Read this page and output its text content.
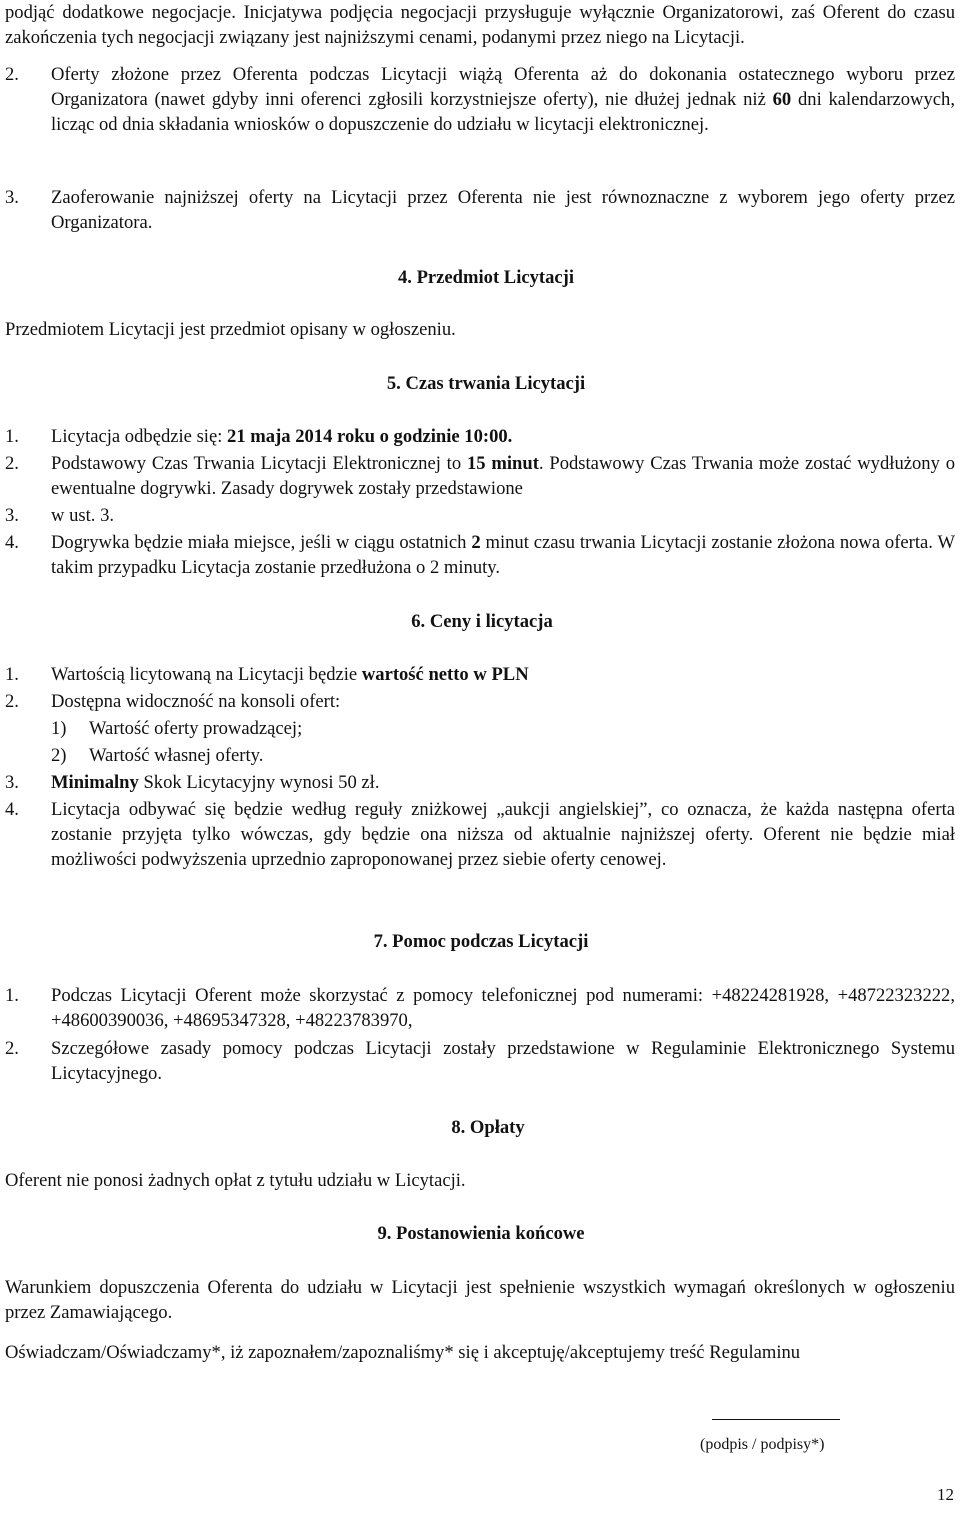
podjąć dodatkowe negocjacje. Inicjatywa podjęcia negocjacji przysługuje wyłącznie Organizatorowi, zaś Oferent do czasu zakończenia tych negocjacji związany jest najniższymi cenami, podanymi przez niego na Licytacji.

2.	Oferty złożone przez Oferenta podczas Licytacji wiążą Oferenta aż do dokonania ostatecznego wyboru przez Organizatora (nawet gdyby inni oferenci zgłosili korzystniejsze oferty), nie dłużej jednak niż 60 dni kalendarzowych, licząc od dnia składania wniosków o dopuszczenie do udziału w licytacji elektronicznej.
3.	Zaoferowanie najniższej oferty na Licytacji przez Oferenta nie jest równoznaczne z wyborem jego oferty przez Organizatora.

4. Przedmiot Licytacji

Przedmiotem Licytacji jest przedmiot opisany w ogłoszeniu.

5. Czas trwania Licytacji

1.	Licytacja odbędzie się: 21 maja 2014 roku o godzinie 10:00.
2.	Podstawowy Czas Trwania Licytacji Elektronicznej to 15 minut. Podstawowy Czas Trwania może zostać wydłużony o ewentualne dogrywki. Zasady dogrywek zostały przedstawione
3.	w ust. 3.
4.	Dogrywka będzie miała miejsce, jeśli w ciągu ostatnich 2 minut czasu trwania Licytacji zostanie złożona nowa oferta. W takim przypadku Licytacja zostanie przedłużona o 2 minuty.

6. Ceny i licytacja

1.	Wartością licytowaną na Licytacji będzie wartość netto w PLN
2.	Dostępna widoczność na konsoli ofert:
1)	Wartość oferty prowadzącej;
2)	Wartość własnej oferty.
3.	Minimalny Skok Licytacyjny wynosi 50 zł.
4.	Licytacja odbywać się będzie według reguły zniżkowej „aukcji angielskiej”, co oznacza, że każda następna oferta zostanie przyjęta tylko wówczas, gdy będzie ona niższa od aktualnie najniższej oferty. Oferent nie będzie miał możliwości podwyższenia uprzednio zaproponowanej przez siebie oferty cenowej.

7. Pomoc podczas Licytacji

1.	Podczas Licytacji Oferent może skorzystać z pomocy telefonicznej pod numerami: +48224281928, +48722323222, +48600390036, +48695347328, +48223783970,
2.	Szczegółowe zasady pomocy podczas Licytacji zostały przedstawione w Regulaminie Elektronicznego Systemu Licytacyjnego.

8. Opłaty

Oferent nie ponosi żadnych opłat z tytułu udziału w Licytacji.

9. Postanowienia końcowe

Warunkiem dopuszczenia Oferenta do udziału w Licytacji jest spełnienie wszystkich wymagań określonych w ogłoszeniu przez Zamawiającego.

Oświadczam/Oświadczamy*, iż zapoznałem/zapoznaliśmy* się i akceptuję/akceptujemy treść Regulaminu

(podpis / podpisy*)
12
